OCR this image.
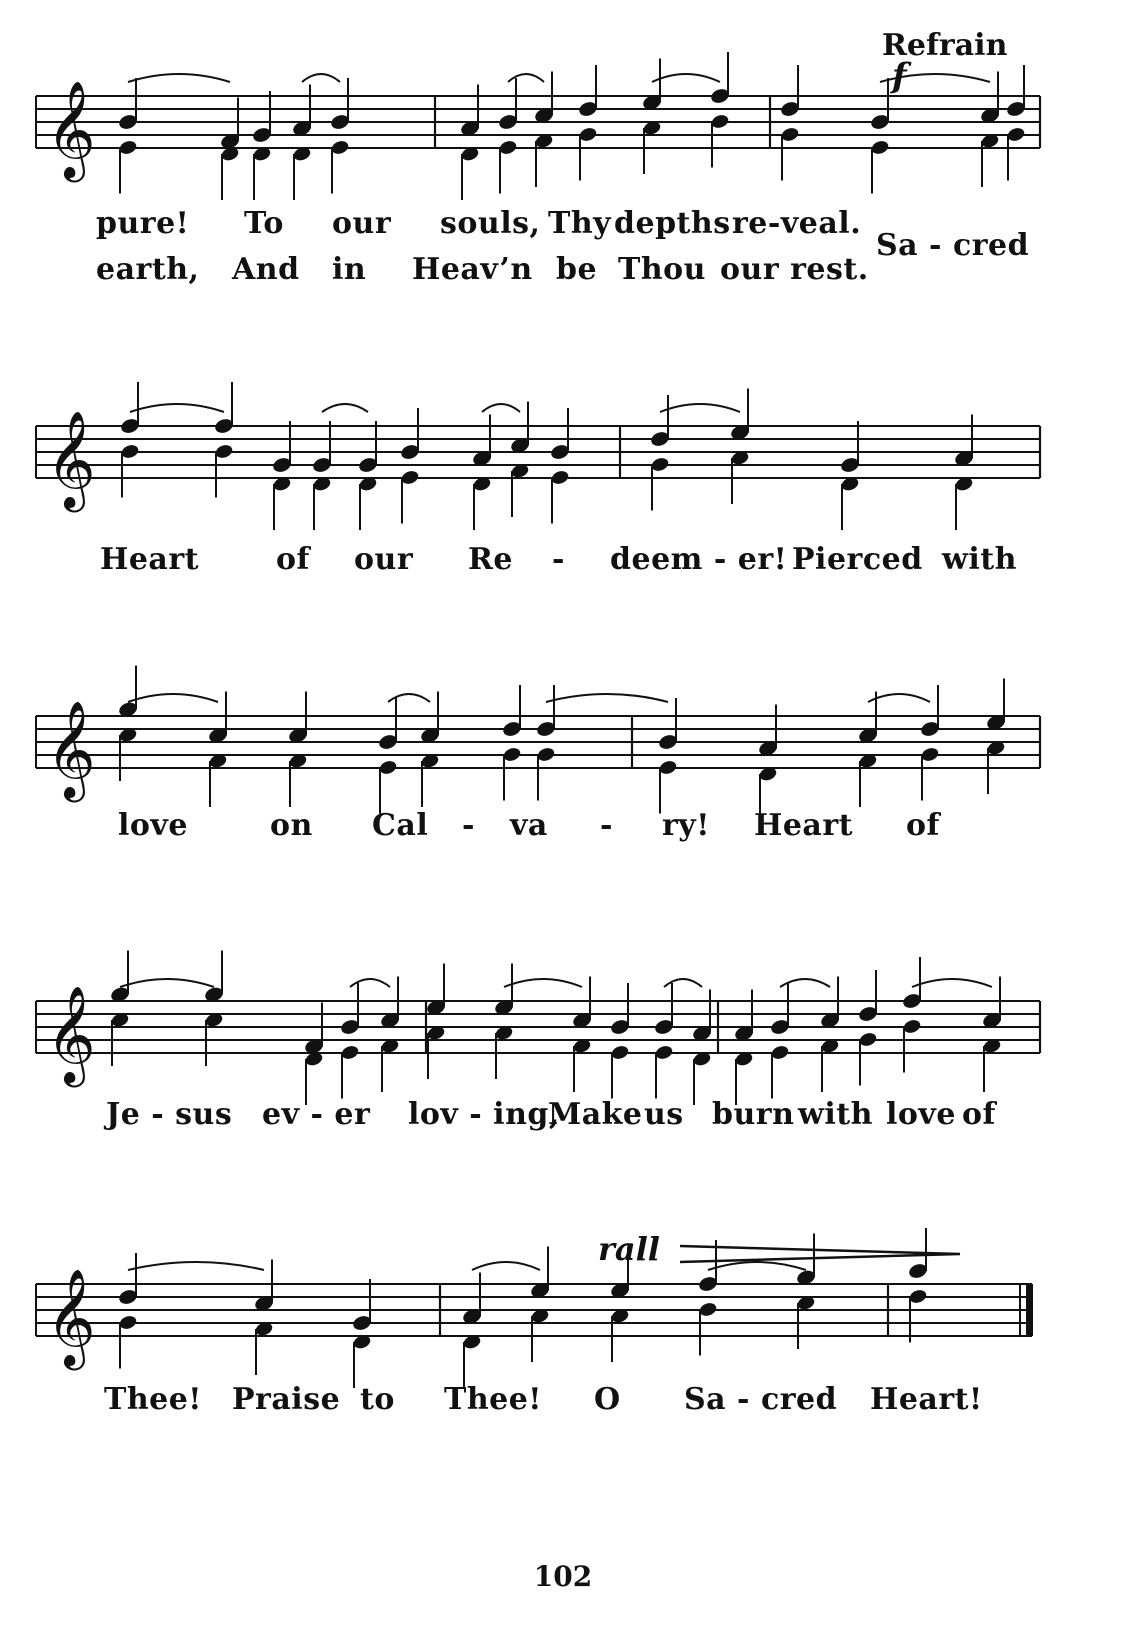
𝄞
Refrain
f
pure! To our souls, Thy depths re-veal.
Sa - cred
earth, And in Heav’n be Thou our rest.
𝄞
Heart	of our Re - deem - er! Pierced with
𝄞
love	on Cal - va - ry! Heart of
𝄞
Je - sus ev - er lov - ing,
Make us burn with love of
𝄞
rall
Thee! Praise to Thee! O Sa - cred Heart!
102
